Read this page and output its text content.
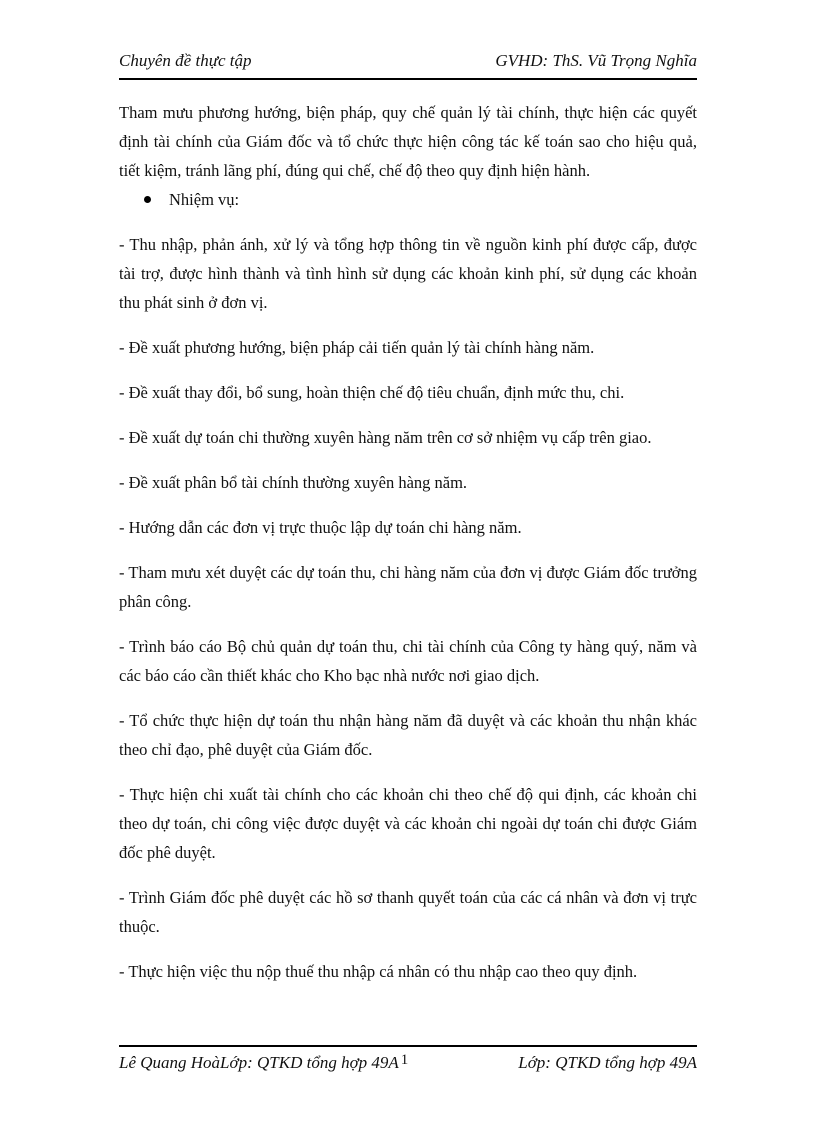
Chuyên đề thực tập	GVHD: ThS. Vũ Trọng Nghĩa

Tham mưu phương hướng, biện pháp, quy chế quản lý tài chính, thực hiện các quyết định tài chính của Giám đốc và tổ chức thực hiện công tác kế toán sao cho hiệu quả, tiết kiệm, tránh lãng phí, đúng qui chế, chế độ theo quy định hiện hành.

Nhiệm vụ:

- Thu nhập, phản ánh, xử lý và tổng hợp thông tin về nguồn kinh phí được cấp, được tài trợ, được hình thành và tình hình sử dụng các khoản kinh phí, sử dụng các khoản thu phát sinh ở đơn vị.

- Đề xuất phương hướng, biện pháp cải tiến quản lý tài chính hàng năm.

- Đề xuất thay đổi, bổ sung, hoàn thiện chế độ tiêu chuẩn, định mức thu, chi.

- Đề xuất dự toán chi thường xuyên hàng năm trên cơ sở nhiệm vụ cấp trên giao.

- Đề xuất phân bổ tài chính thường xuyên hàng năm.

- Hướng dẫn các đơn vị trực thuộc lập dự toán chi hàng năm.

- Tham mưu xét duyệt các dự toán thu, chi hàng năm của đơn vị được Giám đốc trưởng phân công.

- Trình báo cáo Bộ chủ quản dự toán thu, chi tài chính của Công ty hàng quý, năm và các báo cáo cần thiết khác cho Kho bạc nhà nước nơi giao dịch.

- Tổ chức thực hiện dự toán thu nhận hàng năm đã duyệt và các khoản thu nhận khác theo chỉ đạo, phê duyệt của Giám đốc.

- Thực hiện chi xuất tài chính cho các khoản chi theo chế độ qui định, các khoản chi theo dự toán, chi công việc được duyệt và các khoản chi ngoài dự toán chi được Giám đốc phê duyệt.

- Trình Giám đốc phê duyệt các hồ sơ thanh quyết toán của các cá nhân và đơn vị trực thuộc.

- Thực hiện việc thu nộp thuế thu nhập cá nhân có thu nhập cao theo quy định.

Lê Quang HoàLớp: QTKD tổng hợp 49A 1	Lớp: QTKD tổng hợp 49A
